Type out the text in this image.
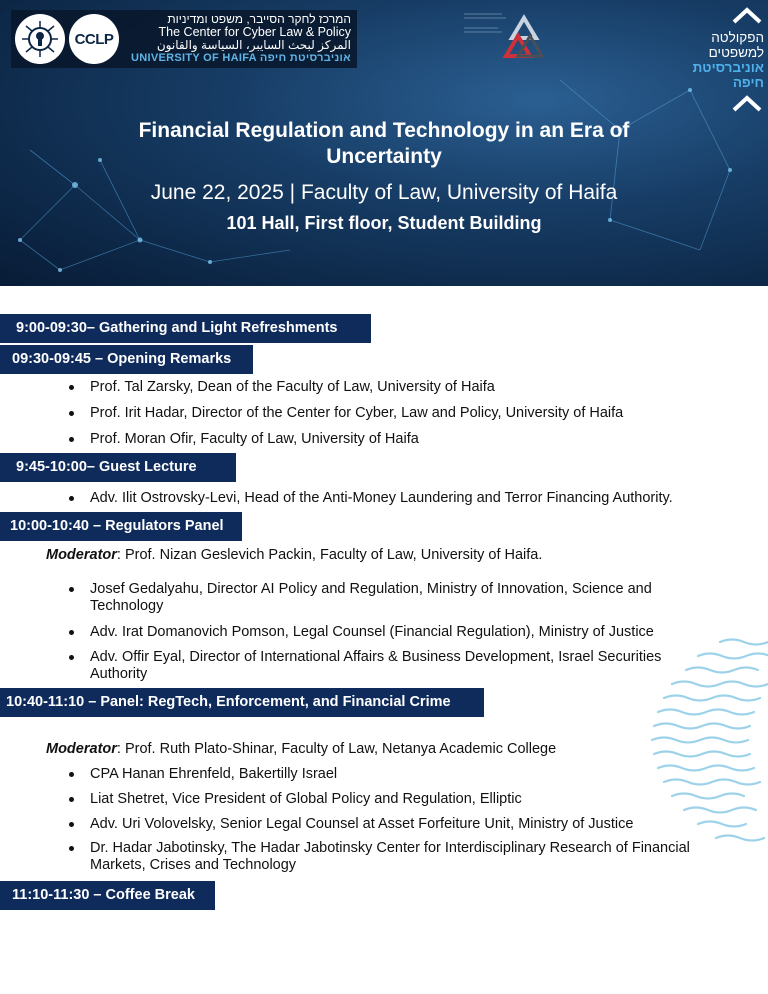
CCLP
המרכז לחקר הסייבר, משפט ומדיניות
The Center for Cyber Law & Policy
المركز لبحث السايبر، السياسة والقانون
UNIVERSITY OF HAIFA אוניברסיטת חיפה
הפקולטה
למשפטים
אוניברסיטת
חיפה
Financial Regulation and Technology in an Era of Uncertainty
June 22, 2025 | Faculty of Law, University of Haifa
101 Hall, First floor, Student Building
9:00-09:30– Gathering and Light Refreshments
09:30-09:45 – Opening Remarks
Prof. Tal Zarsky, Dean of the Faculty of Law, University of Haifa
Prof. Irit Hadar, Director of the Center for Cyber, Law and Policy, University of Haifa
Prof. Moran Ofir, Faculty of Law, University of Haifa
9:45-10:00– Guest Lecture
Adv. Ilit Ostrovsky-Levi, Head of the Anti-Money Laundering and Terror Financing Authority.
10:00-10:40 – Regulators Panel
Moderator: Prof. Nizan Geslevich Packin, Faculty of Law, University of Haifa.
Josef Gedalyahu, Director AI Policy and Regulation, Ministry of Innovation, Science and Technology
Adv. Irat Domanovich Pomson, Legal Counsel (Financial Regulation), Ministry of Justice
Adv. Offir Eyal, Director of International Affairs & Business Development, Israel Securities Authority
10:40-11:10 – Panel: RegTech, Enforcement, and Financial Crime
Moderator: Prof. Ruth Plato-Shinar, Faculty of Law, Netanya Academic College
CPA Hanan Ehrenfeld, Bakertilly Israel
Liat Shetret, Vice President of Global Policy and Regulation, Elliptic
Adv. Uri Volovelsky, Senior Legal Counsel at Asset Forfeiture Unit, Ministry of Justice
Dr. Hadar Jabotinsky, The Hadar Jabotinsky Center for Interdisciplinary Research of Financial Markets, Crises and Technology
11:10-11:30 – Coffee Break
